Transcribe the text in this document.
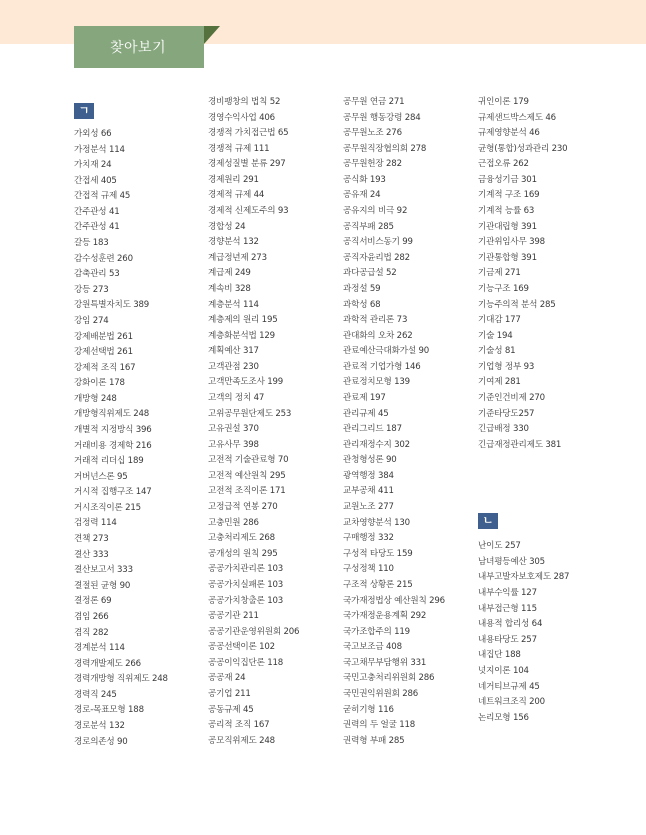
찾아보기
ㄱ
가외성 66
가정분석 114
가치재 24
간접세 405
간접적 규제 45
간주관성 41
간주관성 41
갈등 183
감수성훈련 260
감축관리 53
강등 273
강원특별자치도 389
강임 274
강제배분법 261
강제선택법 261
강제적 조직 167
강화이론 178
개방형 248
개방형직위제도 248
개별적 지정방식 396
거래비용 경제학 216
거래적 리더십 189
거버넌스론 95
거시적 집행구조 147
거시조직이론 215
검정력 114
견책 273
결산 333
결산보고서 333
결절된 균형 90
결정론 69
겸임 266
겸직 282
경계분석 114
경력개발제도 266
경력개방형 직위제도 248
경력직 245
경로-목표모형 188
경로분석 132
경로의존성 90
경비팽창의 법칙 52
경영수익사업 406
경쟁적 가치접근법 65
경쟁적 규제 111
경제성질별 분류 297
경제원리 291
경제적 규제 44
경제적 신제도주의 93
경합성 24
경향분석 132
계급정년제 273
계급제 249
계속비 328
계층분석 114
계층제의 원리 195
계층화분석법 129
계획예산 317
고객관점 230
고객만족도조사 199
고객의 정치 47
고위공무원단제도 253
고유권설 370
고유사무 398
고전적 기술관료형 70
고전적 예산원칙 295
고전적 조직이론 171
고정급적 연봉 270
고충민원 286
고충처리제도 268
공개성의 원칙 295
공공가치관리론 103
공공가치실패론 103
공공가치창출론 103
공공기관 211
공공기관운영위원회 206
공공선택이론 102
공공이익집단론 118
공공재 24
공기업 211
공동규제 45
공리적 조직 167
공모직위제도 248
공무원 연금 271
공무원 행동강령 284
공무원노조 276
공무원직장협의회 278
공무원헌장 282
공식화 193
공유재 24
공유지의 비극 92
공직부패 285
공직서비스동기 99
공직자윤리법 282
과다공급설 52
과정설 59
과학성 68
과학적 관리론 73
관대화의 오차 262
관료예산극대화가설 90
관료적 기업가형 146
관료정치모형 139
관료제 197
관리규제 45
관리그리드 187
관리재정수지 302
관청형성론 90
광역행정 384
교부공채 411
교원노조 277
교차영향분석 130
구매행정 332
구성적 타당도 159
구성정책 110
구조적 상황론 215
국가재정법상 예산원칙 296
국가재정운용계획 292
국가조합주의 119
국고보조금 408
국고채무부담행위 331
국민고충처리위원회 286
국민권익위원회 286
굳히기형 116
권력의 두 얼굴 118
권력형 부패 285
귀인이론 179
규제샌드박스제도 46
규제영향분석 46
균형(통합)성과관리 230
근접오류 262
금융성기금 301
기계적 구조 169
기계적 능률 63
기관대립형 391
기관위임사무 398
기관통합형 391
기금제 271
기능구조 169
기능주의적 분석 285
기대감 177
기술 194
기술성 81
기업형 정부 93
기여제 281
기준인건비제 270
기준타당도257
긴급배정 330
긴급재정관리제도 381
ㄴ
난이도 257
남녀평등예산 305
내부고발자보호제도 287
내부수익률 127
내부접근형 115
내용적 합리성 64
내용타당도 257
내집단 188
넛지이론 104
네거티브규제 45
네트워크조직 200
논리모형 156
